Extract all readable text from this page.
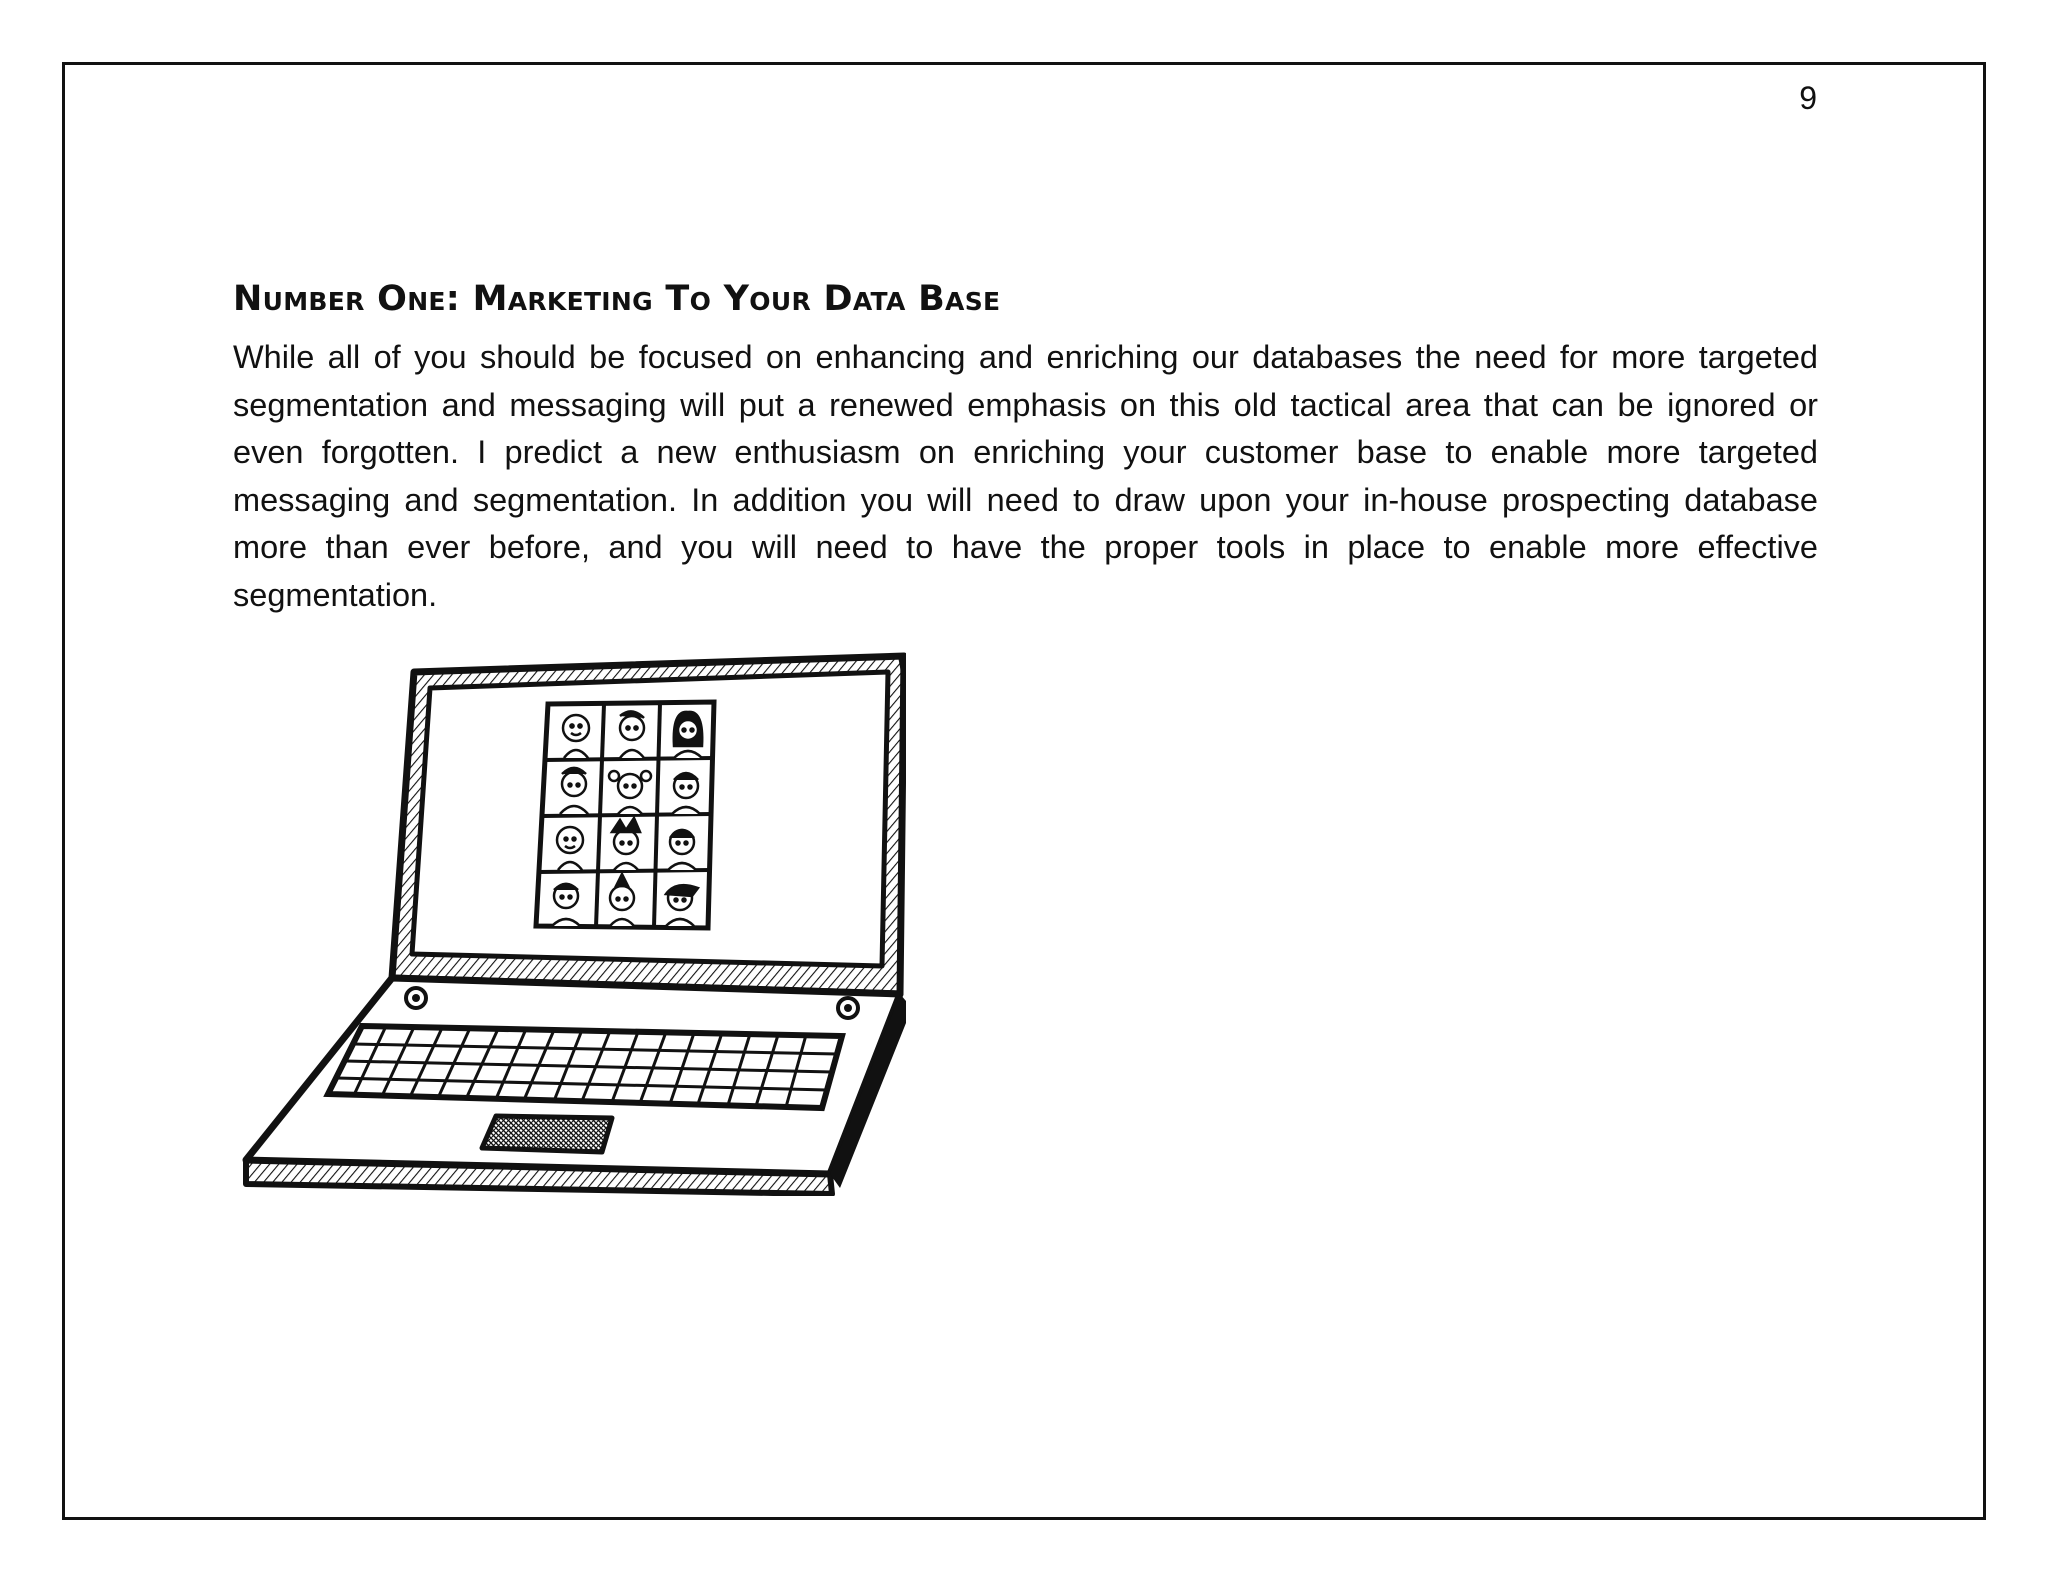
9
Number One: Marketing To Your Data Base

While all of you should be focused on enhancing and enriching our databases the need for more targeted segmentation and messaging will put a renewed emphasis on this old tactical area that can be ignored or even forgotten. I predict a new enthusiasm on enriching your customer base to enable more targeted messaging and segmentation. In addition you will need to draw upon your in-house prospecting database more than ever before, and you will need to have the proper tools in place to enable more effective segmentation.
